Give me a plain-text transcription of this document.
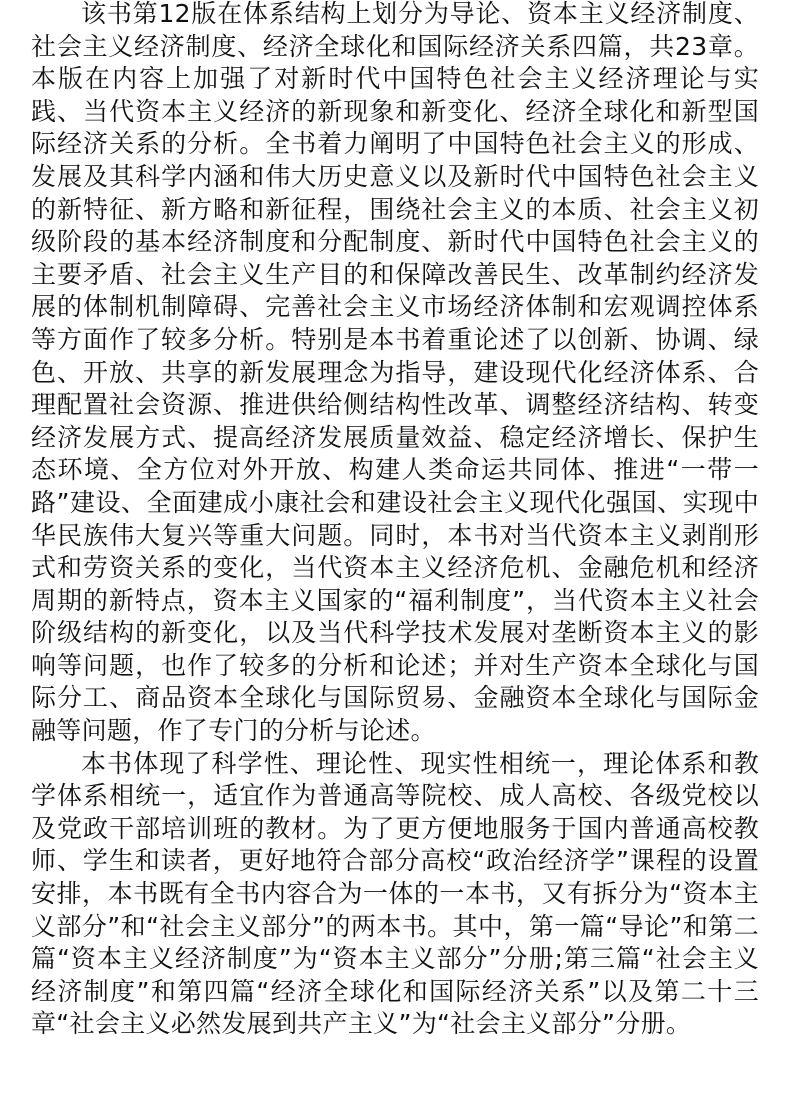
该书第12版在体系结构上划分为导论、资本主义经济制度、社会主义经济制度、经济全球化和国际经济关系四篇，共23章。本版在内容上加强了对新时代中国特色社会主义经济理论与实践、当代资本主义经济的新现象和新变化、经济全球化和新型国际经济关系的分析。全书着力阐明了中国特色社会主义的形成、发展及其科学内涵和伟大历史意义以及新时代中国特色社会主义的新特征、新方略和新征程，围绕社会主义的本质、社会主义初级阶段的基本经济制度和分配制度、新时代中国特色社会主义的主要矛盾、社会主义生产目的和保障改善民生、改革制约经济发展的体制机制障碍、完善社会主义市场经济体制和宏观调控体系等方面作了较多分析。特别是本书着重论述了以创新、协调、绿色、开放、共享的新发展理念为指导，建设现代化经济体系、合理配置社会资源、推进供给侧结构性改革、调整经济结构、转变经济发展方式、提高经济发展质量效益、稳定经济增长、保护生态环境、全方位对外开放、构建人类命运共同体、推进“一带一路”建设、全面建成小康社会和建设社会主义现代化强国、实现中华民族伟大复兴等重大问题。同时，本书对当代资本主义剥削形式和劳资关系的变化，当代资本主义经济危机、金融危机和经济周期的新特点，资本主义国家的“福利制度”，当代资本主义社会阶级结构的新变化，以及当代科学技术发展对垄断资本主义的影响等问题，也作了较多的分析和论述；并对生产资本全球化与国际分工、商品资本全球化与国际贸易、金融资本全球化与国际金融等问题，作了专门的分析与论述。

本书体现了科学性、理论性、现实性相统一，理论体系和教学体系相统一，适宜作为普通高等院校、成人高校、各级党校以及党政干部培训班的教材。为了更方便地服务于国内普通高校教师、学生和读者，更好地符合部分高校“政治经济学”课程的设置安排，本书既有全书内容合为一体的一本书，又有拆分为“资本主义部分”和“社会主义部分”的两本书。其中，第一篇“导论”和第二篇“资本主义经济制度”为“资本主义部分”分册;第三篇“社会主义经济制度”和第四篇“经济全球化和国际经济关系”以及第二十三章“社会主义必然发展到共产主义”为“社会主义部分”分册。
